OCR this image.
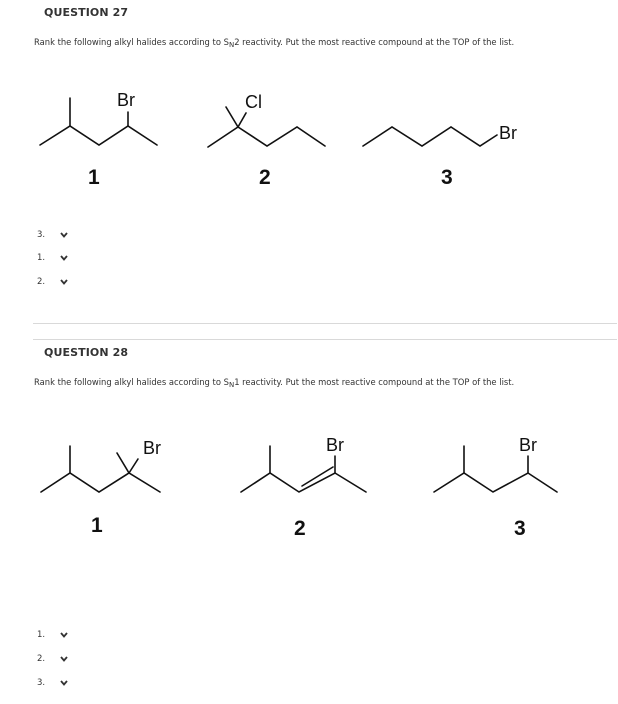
QUESTION 27
Rank the following alkyl halides according to $S_N2$ reactivity. Put the most reactive compound at the TOP of the list.
Br	Cl
Br
1	2	3
3.
1.
2.
QUESTION 28
Rank the following alkyl halides according to $S_N1$ reactivity. Put the most reactive compound at the TOP of the list.
Br	Br	Br
1	2	3
1.
2.
3.
